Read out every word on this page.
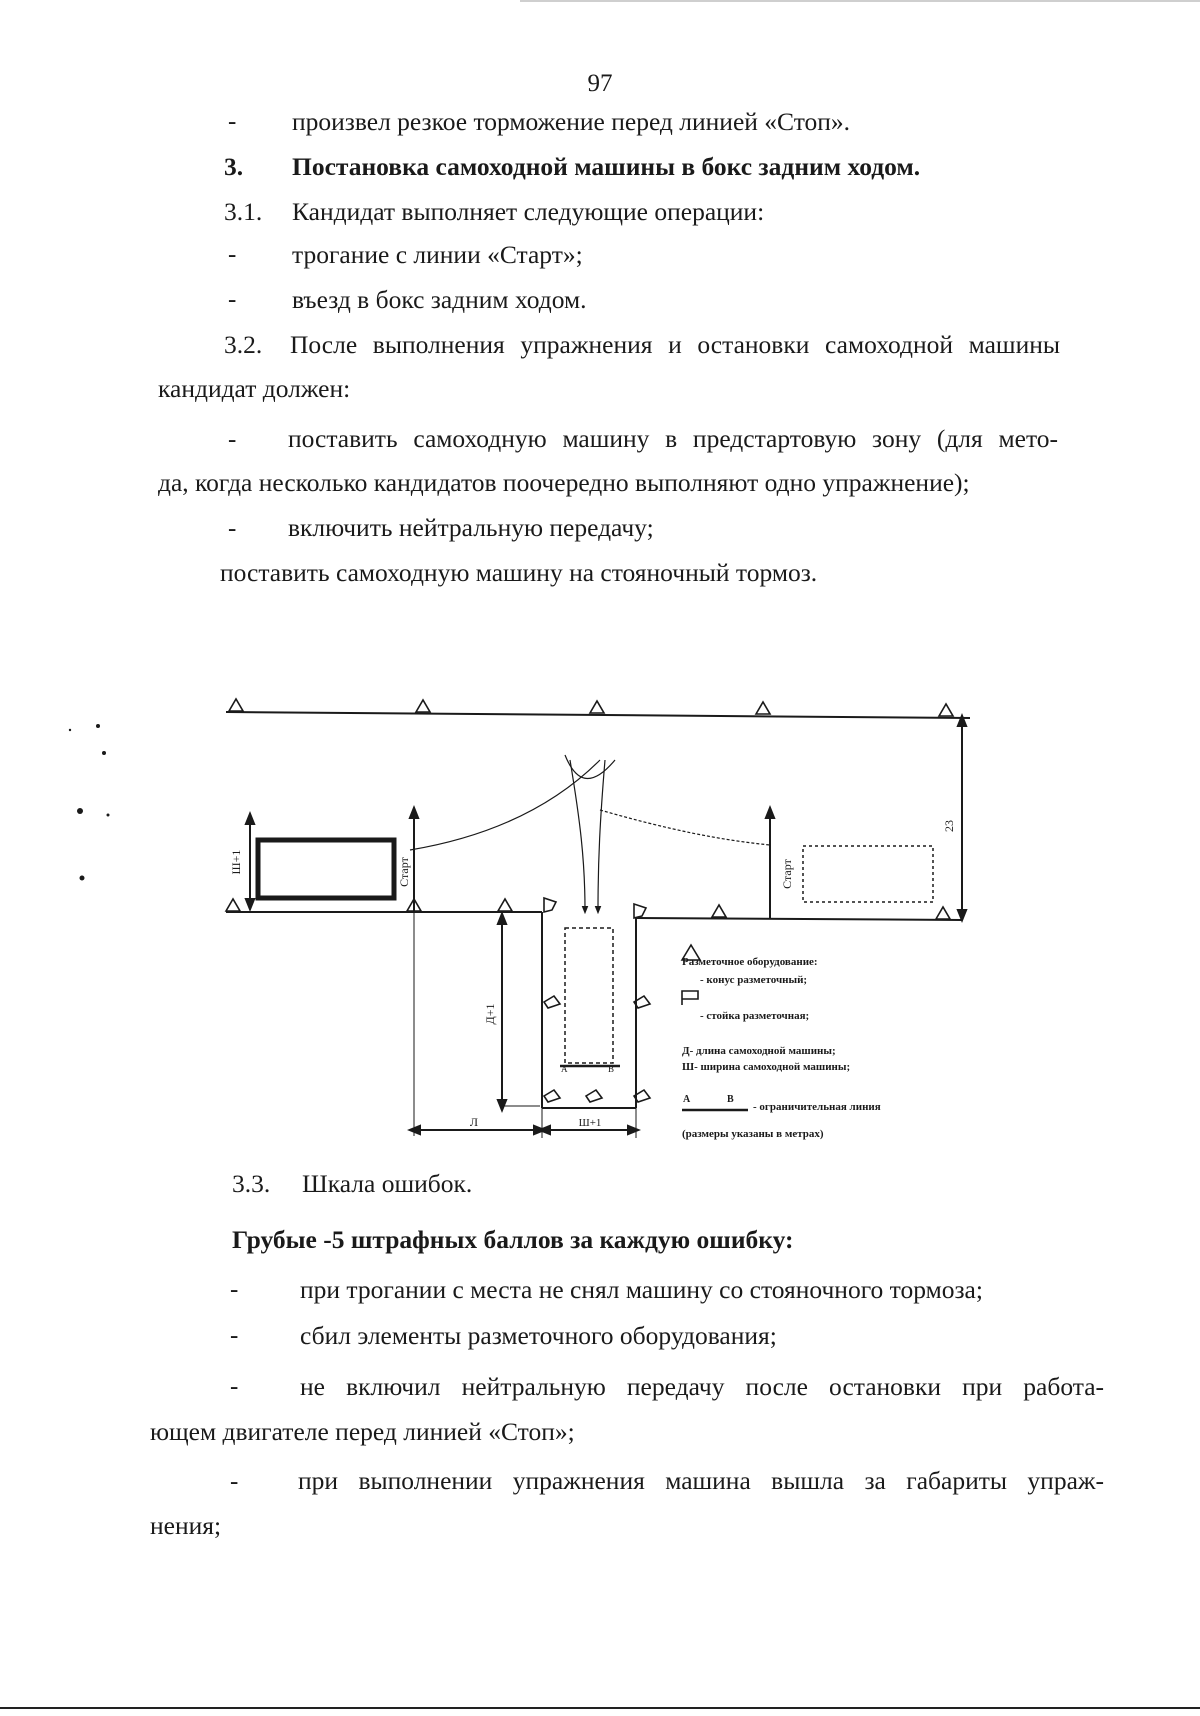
97
- произвел резкое торможение перед линией «Стоп».
3. Постановка самоходной машины в бокс задним ходом.
3.1. Кандидат выполняет следующие операции:
- трогание с линии «Старт»;
- въезд в бокс задним ходом.
3.2. После выполнения упражнения и остановки самоходной машины
кандидат должен:
- поставить самоходную машину в предстартовую зону (для мето-
да, когда несколько кандидатов поочередно выполняют одно упражнение);
- включить нейтральную передачу;
поставить самоходную машину на стояночный тормоз.
Старт	Старт
Ш+1
23
Д+1
Л	Ш+1
А	В
Разметочное оборудование:
- конус разметочный;
- стойка разметочная;
Д- длина самоходной машины;
Ш- ширина самоходной машины;
А	В
- ограничительная линия
(размеры указаны в метрах)
3.3. Шкала ошибок.
Грубые -5 штрафных баллов за каждую ошибку:
- при трогании с места не снял машину со стояночного тормоза;
- сбил элементы разметочного оборудования;
- не включил нейтральную передачу после остановки при работа-
ющем двигателе перед линией «Стоп»;
- при выполнении упражнения машина вышла за габариты упраж-
нения;
